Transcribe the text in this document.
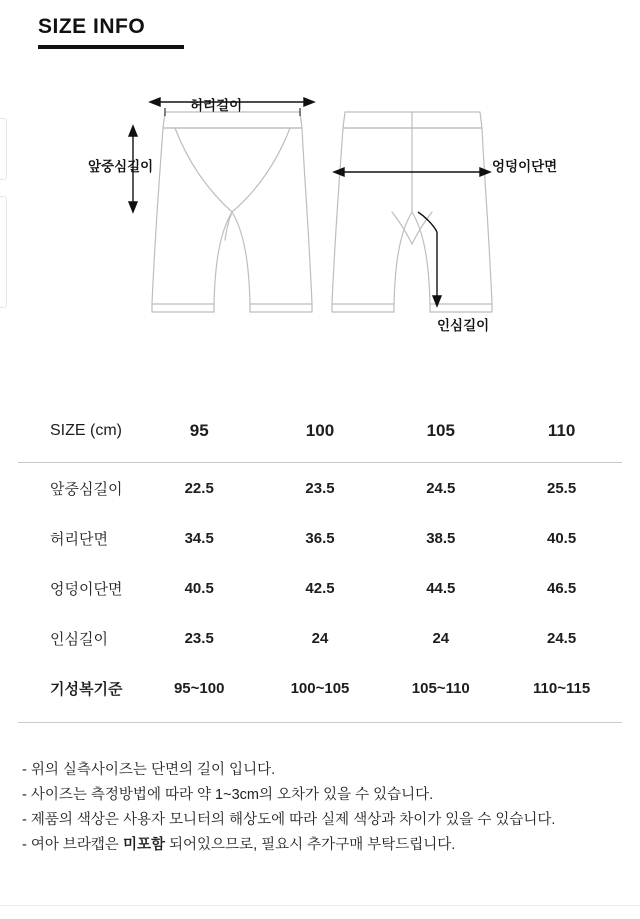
SIZE INFO
허리길이
앞중심길이	엉덩이단면
인심길이
SIZE (cm)	95	100	105	110
앞중심길이	22.5	23.5	24.5	25.5
허리단면	34.5	36.5	38.5	40.5
엉덩이단면	40.5	42.5	44.5	46.5
인심길이	23.5	24	24	24.5
기성복기준	95~100	100~105	105~110	110~115
- 위의 실측사이즈는 단면의 길이 입니다.
- 사이즈는 측정방법에 따라 약 1~3cm의 오차가 있을 수 있습니다.
- 제품의 색상은 사용자 모니터의 해상도에 따라 실제 색상과 차이가 있을 수 있습니다.
- 여아 브라캡은 미포함 되어있으므로, 필요시 추가구매 부탁드립니다.
